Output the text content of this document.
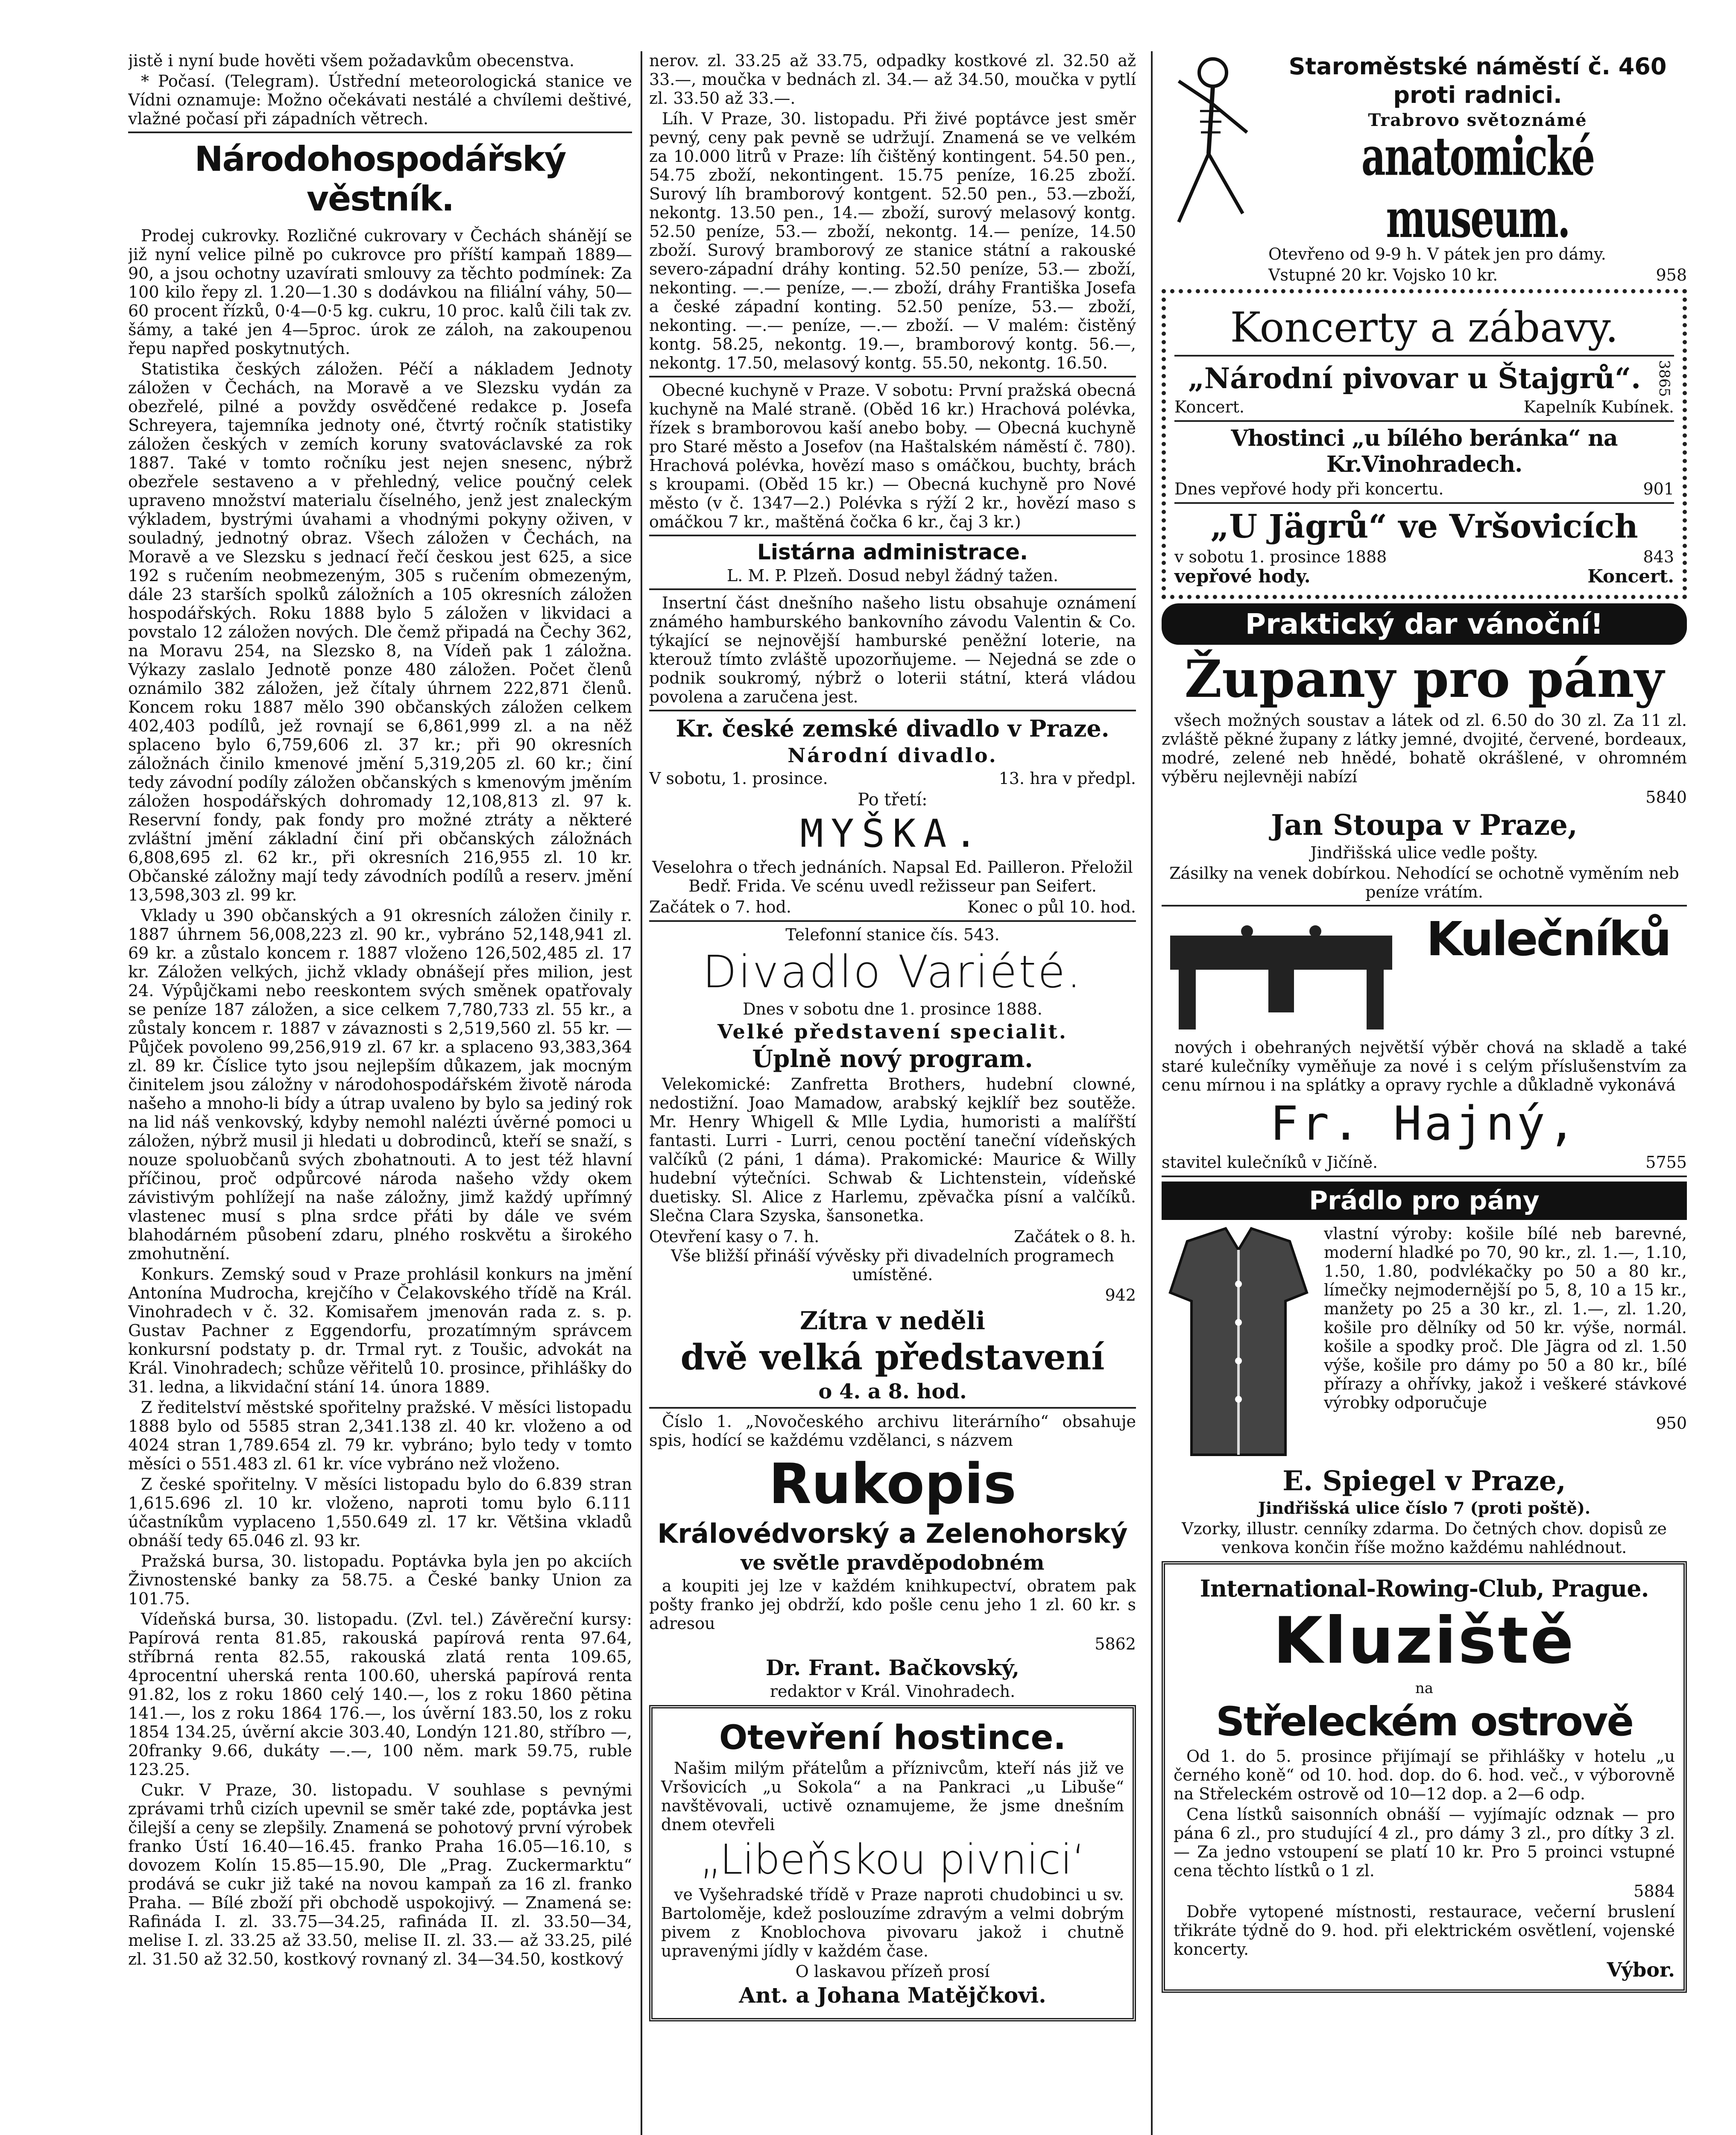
jistě i nyní bude hověti všem požadavkům obecenstva.

* Počasí. (Telegram). Ústřední meteorologická stanice ve Vídni oznamuje: Možno očekávati nestálé a chvílemi deštivé, vlažné počasí při západních větrech.

Národohospodářský věstník.

Prodej cukrovky. Rozličné cukrovary v Čechách shánějí se již nyní velice pilně po cukrovce pro příští kampaň 1889—90, a jsou ochotny uzavírati smlouvy za těchto podmínek: Za 100 kilo řepy zl. 1.20—1.30 s dodávkou na filiální váhy, 50—60 procent řízků, 0·4—0·5 kg. cukru, 10 proc. kalů čili tak zv. šámy, a také jen 4—5proc. úrok ze záloh, na zakoupenou řepu napřed poskytnutých.

Statistika českých záložen. Péčí a nákladem Jednoty záložen v Čechách, na Moravě a ve Slezsku vydán za obezřelé, pilné a povždy osvědčené redakce p. Josefa Schreyera, tajemníka jednoty oné, čtvrtý ročník statistiky záložen českých v zemích koruny svatováclavské za rok 1887. Také v tomto ročníku jest nejen snesenc, nýbrž obezřele sestaveno a v přehledný, velice poučný celek upraveno množství materialu číselného, jenž jest znaleckým výkladem, bystrými úvahami a vhodnými pokyny oživen, v souladný, jednotný obraz. Všech záložen v Čechách, na Moravě a ve Slezsku s jednací řečí českou jest 625, a sice 192 s ručením neobmezeným, 305 s ručením obmezeným, dále 23 starších spolků záložních a 105 okresních záložen hospodářských. Roku 1888 bylo 5 záložen v likvidaci a povstalo 12 záložen nových. Dle čemž připadá na Čechy 362, na Moravu 254, na Slezsko 8, na Vídeň pak 1 záložna. Výkazy zaslalo Jednotě ponze 480 záložen. Počet členů oznámilo 382 záložen, jež čítaly úhrnem 222,871 členů. Koncem roku 1887 mělo 390 občanských záložen celkem 402,403 podílů, jež rovnají se 6,861,999 zl. a na něž splaceno bylo 6,759,606 zl. 37 kr.; při 90 okresních záložnách činilo kmenové jmění 5,319,205 zl. 60 kr.; činí tedy závodní podíly záložen občanských s kmenovým jměním záložen hospodářských dohromady 12,108,813 zl. 97 k. Reservní fondy, pak fondy pro možné ztráty a některé zvláštní jmění základní činí při občanských záložnách 6,808,695 zl. 62 kr., při okresních 216,955 zl. 10 kr. Občanské záložny mají tedy závodních podílů a reserv. jmění 13,598,303 zl. 99 kr.

Vklady u 390 občanských a 91 okresních záložen činily r. 1887 úhrnem 56,008,223 zl. 90 kr., vybráno 52,148,941 zl. 69 kr. a zůstalo koncem r. 1887 vloženo 126,502,485 zl. 17 kr. Záložen velkých, jichž vklady obnášejí přes milion, jest 24. Výpůjčkami nebo reeskontem svých směnek opatřovaly se peníze 187 záložen, a sice celkem 7,780,733 zl. 55 kr., a zůstaly koncem r. 1887 v závaznosti s 2,519,560 zl. 55 kr. — Půjček povoleno 99,256,919 zl. 67 kr. a splaceno 93,383,364 zl. 89 kr. Číslice tyto jsou nejlepším důkazem, jak mocným činitelem jsou záložny v národohospodářském životě národa našeho a mnoho-li bídy a útrap uvaleno by bylo sa jediný rok na lid náš venkovský, kdyby nemohl nalézti úvěrné pomoci u záložen, nýbrž musil ji hledati u dobrodinců, kteří se snaží, s nouze spoluobčanů svých zbohatnouti. A to jest též hlavní příčinou, proč odpůrcové národa našeho vždy okem závistivým pohlížejí na naše záložny, jimž každý upřímný vlastenec musí s plna srdce přáti by dále ve svém blahodárném působení zdaru, plného roskvětu a širokého zmohutnění.

Konkurs. Zemský soud v Praze prohlásil konkurs na jmění Antonína Mudrocha, krejčího v Čelakovského třídě na Král. Vinohradech v č. 32. Komisařem jmenován rada z. s. p. Gustav Pachner z Eggendorfu, prozatímným správcem konkursní podstaty p. dr. Trmal ryt. z Toušic, advokát na Král. Vinohradech; schůze věřitelů 10. prosince, přihlášky do 31. ledna, a likvidační stání 14. února 1889.

Z ředitelství městské spořitelny pražské. V měsíci listopadu 1888 bylo od 5585 stran 2,341.138 zl. 40 kr. vloženo a od 4024 stran 1,789.654 zl. 79 kr. vybráno; bylo tedy v tomto měsíci o 551.483 zl. 61 kr. více vybráno než vloženo.

Z české spořitelny. V měsíci listopadu bylo do 6.839 stran 1,615.696 zl. 10 kr. vloženo, naproti tomu bylo 6.111 účastníkům vyplaceno 1,550.649 zl. 17 kr. Většina vkladů obnáší tedy 65.046 zl. 93 kr.

Pražská bursa, 30. listopadu. Poptávka byla jen po akciích Živnostenské banky za 58.75. a České banky Union za 101.75.

Vídeňská bursa, 30. listopadu. (Zvl. tel.) Závěreční kursy: Papírová renta 81.85, rakouská papírová renta 97.64, stříbrná renta 82.55, rakouská zlatá renta 109.65, 4procentní uherská renta 100.60, uherská papírová renta 91.82, los z roku 1860 celý 140.—, los z roku 1860 pětina 141.—, los z roku 1864 176.—, los úvěrní 183.50, los z roku 1854 134.25, úvěrní akcie 303.40, Londýn 121.80, stříbro —, 20franky 9.66, dukáty —.—, 100 něm. mark 59.75, ruble 123.25.

Cukr. V Praze, 30. listopadu. V souhlase s pevnými zprávami trhů cizích upevnil se směr také zde, poptávka jest čilejší a ceny se zlepšily. Znamená se pohotový první výrobek franko Ústí 16.40—16.45. franko Praha 16.05—16.10, s dovozem Kolín 15.85—15.90, Dle „Prag. Zuckermarktu“ prodává se cukr již také na novou kampaň za 16 zl. franko Praha. — Bílé zboží při obchodě uspokojivý. — Znamená se: Rafináda I. zl. 33.75—34.25, rafináda II. zl. 33.50—34, melise I. zl. 33.25 až 33.50, melise II. zl. 33.— až 33.25, pilé zl. 31.50 až 32.50, kostkový rovnaný zl. 34—34.50, kostkový

nerov. zl. 33.25 až 33.75, odpadky kostkové zl. 32.50 až 33.—, moučka v bednách zl. 34.— až 34.50, moučka v pytlí zl. 33.50 až 33.—.

Líh. V Praze, 30. listopadu. Při živé poptávce jest směr pevný, ceny pak pevně se udržují. Znamená se ve velkém za 10.000 litrů v Praze: líh čištěný kontingent. 54.50 pen., 54.75 zboží, nekontingent. 15.75 peníze, 16.25 zboží. Surový líh bramborový kontgent. 52.50 pen., 53.—zboží, nekontg. 13.50 pen., 14.— zboží, surový melasový kontg. 52.50 peníze, 53.— zboží, nekontg. 14.— peníze, 14.50 zboží. Surový bramborový ze stanice státní a rakouské severo-západní dráhy konting. 52.50 peníze, 53.— zboží, nekonting. —.— peníze, —.— zboží, dráhy Františka Josefa a české západní konting. 52.50 peníze, 53.— zboží, nekonting. —.— peníze, —.— zboží. — V malém: čistěný kontg. 58.25, nekontg. 19.—, bramborový kontg. 56.—, nekontg. 17.50, melasový kontg. 55.50, nekontg. 16.50.

Obecné kuchyně v Praze. V sobotu: První pražská obecná kuchyně na Malé straně. (Oběd 16 kr.) Hrachová polévka, řízek s bramborovou kaší anebo boby. — Obecná kuchyně pro Staré město a Josefov (na Haštalském náměstí č. 780). Hrachová polévka, hovězí maso s omáčkou, buchty, brách s kroupami. (Oběd 15 kr.) — Obecná kuchyně pro Nové město (v č. 1347—2.) Polévka s rýží 2 kr., hovězí maso s omáčkou 7 kr., maštěná čočka 6 kr., čaj 3 kr.)

Listárna administrace.

L. M. P. Plzeň. Dosud nebyl žádný tažen.

Insertní část dnešního našeho listu obsahuje oznámení známého hamburského bankovního závodu Valentin & Co. týkající se nejnovější hamburské peněžní loterie, na kterouž tímto zvláště upozorňujeme. — Nejedná se zde o podnik soukromý, nýbrž o loterii státní, která vládou povolena a zaručena jest.

Kr. české zemské divadlo v Praze.
Národní divadlo.
V sobotu, 1. prosince.	13. hra v předpl.
Po třetí:
MYŠKA.

Veselohra o třech jednáních. Napsal Ed. Pailleron. Přeložil Bedř. Frida. Ve scénu uvedl režisseur pan Seifert.

Začátek o 7. hod.	Konec o půl 10. hod.

Telefonní stanice čís. 543.

Divadlo Variété.

Dnes v sobotu dne 1. prosince 1888.

Velké představení specialit.
Úplně nový program.

Velekomické: Zanfretta Brothers, hudební clowné, nedostižní. Joao Mamadow, arabský kejklíř bez soutěže. Mr. Henry Whigell & Mlle Lydia, humoristi a malířští fantasti. Lurri - Lurri, cenou poctění taneční vídeňských valčíků (2 páni, 1 dáma). Prakomické: Maurice & Willy hudební výtečníci. Schwab & Lichtenstein, vídeňské duetisky. Sl. Alice z Harlemu, zpěvačka písní a valčíků. Slečna Clara Szyska, šansonetka.

Otevření kasy o 7. h.	Začátek o 8. h.

Vše bližší přináší vývěsky při divadelních programech umístěné.

942

Zítra v neděli
dvě velká představení
o 4. a 8. hod.

Číslo 1. „Novočeského archivu literárního“ obsahuje spis, hodící se každému vzdělanci, s názvem

Rukopis
Královédvorský a Zelenohorský
ve světle pravděpodobném

a koupiti jej lze v každém knihkupectví, obratem pak pošty franko jej obdrží, kdo pošle cenu jeho 1 zl. 60 kr. s adresou

5862

Dr. Frant. Bačkovský,

redaktor v Král. Vinohradech.

Otevření hostince.

Našim milým přátelům a příznivcům, kteří nás již ve Vršovicích „u Sokola“ a na Pankraci „u Libuše“ navštěvovali, uctivě oznamujeme, že jsme dnešním dnem otevřeli

„Libeňskou pivnici‘

ve Vyšehradské třídě v Praze naproti chudobinci u sv. Bartoloměje, kdež poslouzíme zdravým a velmi dobrým pivem z Knoblochova pivovaru jakož i chutně upravenými jídly v každém čase.

O laskavou přízeň prosí

Ant. a Johana Matějčkovi.
Staroměstské náměstí č. 460
proti radnici.
Trabrovo světoznámé
anatomické museum.

Otevřeno od 9-9 h. V pátek jen pro dámy.

Vstupné 20 kr. Vojsko 10 kr.	958
Koncerty a zábavy.
„Národní pivovar u Štajgrů“.	3865
Koncert.	Kapelník Kubínek.
Vhostinci „u bílého beránka“ na Kr.Vinohradech.
Dnes vepřové hody při koncertu.	901
„U Jägrů“ ve Vršovicích
v sobotu 1. prosince 1888	843
vepřové hody.	Koncert.
Praktický dar vánoční!
Župany pro pány

všech možných soustav a látek od zl. 6.50 do 30 zl. Za 11 zl. zvláště pěkné župany z látky jemné, dvojité, červené, bordeaux, modré, zelené neb hnědé, bohatě okrášlené, v ohromném výběru nejlevněji nabízí

5840

Jan Stoupa v Praze,

Jindřišská ulice vedle pošty.

Zásilky na venek dobírkou. Nehodící se ochotně vyměním neb peníze vrátím.

Kulečníků

nových i obehraných největší výběr chová na skladě a také staré kulečníky vyměňuje za nové i s celým příslušenstvím za cenu mírnou i na splátky a opravy rychle a důkladně vykonává

Fr. Hajný,
stavitel kulečníků v Jičíně.	5755
Prádlo pro pány

vlastní výroby: košile bílé neb barevné, moderní hladké po 70, 90 kr., zl. 1.—, 1.10, 1.50, 1.80, podvlékačky po 50 a 80 kr., límečky nejmodernější po 5, 8, 10 a 15 kr., manžety po 25 a 30 kr., zl. 1.—, zl. 1.20, košile pro dělníky od 50 kr. výše, normál. košile a spodky proč. Dle Jägra od zl. 1.50 výše, košile pro dámy po 50 a 80 kr., bílé přírazy a ohřívky, jakož i veškeré stávkové výrobky odporučuje

950

E. Spiegel v Praze,

Jindřišská ulice číslo 7 (proti poště).

Vzorky, illustr. cenníky zdarma. Do četných chov. dopisů ze venkova končin říše možno každému nahlédnout.

International-Rowing-Club, Prague.
Kluziště
na
Střeleckém ostrově

Od 1. do 5. prosince přijímají se přihlášky v hotelu „u černého koně“ od 10. hod. dop. do 6. hod. več., v výborovně na Střeleckém ostrově od 10—12 dop. a 2—6 odp.

Cena lístků saisonních obnáší — vyjímajíc odznak — pro pána 6 zl., pro studující 4 zl., pro dámy 3 zl., pro dítky 3 zl. — Za jedno vstoupení se platí 10 kr. Pro 5 proinci vstupné cena těchto lístků o 1 zl.

5884

Dobře vytopené místnosti, restaurace, večerní bruslení třikráte týdně do 9. hod. při elektrickém osvětlení, vojenské koncerty.

Výbor.
